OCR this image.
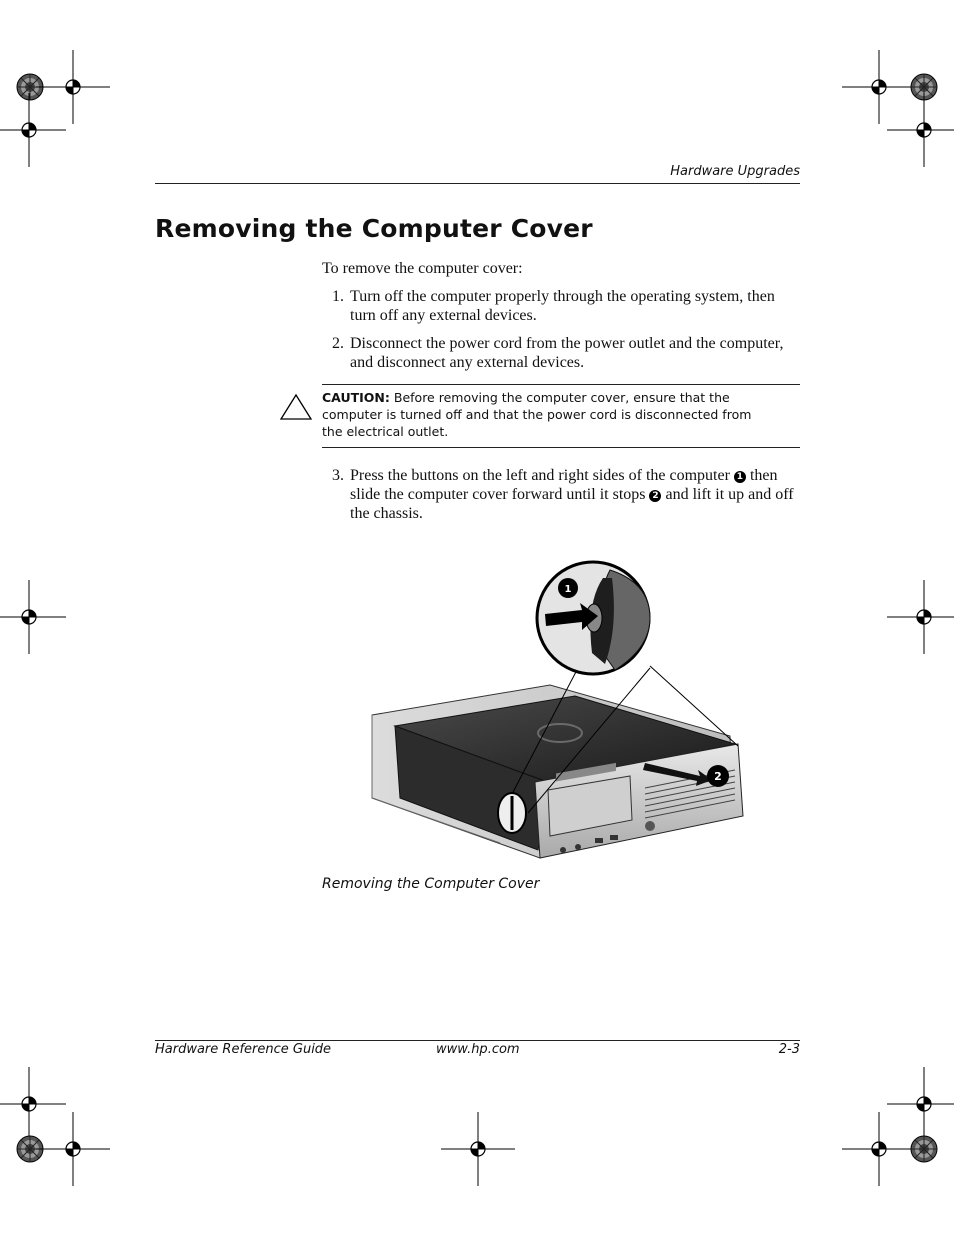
Hardware Upgrades
Removing the Computer Cover
To remove the computer cover:
1. Turn off the computer properly through the operating system, then turn off any external devices.
2. Disconnect the power cord from the power outlet and the computer, and disconnect any external devices.
CAUTION: Before removing the computer cover, ensure that the
computer is turned off and that the power cord is disconnected from
the electrical outlet.
3. Press the buttons on the left and right sides of the computer 1 then slide the computer cover forward until it stops 2 and lift it up and off the chassis.
2
1
Removing the Computer Cover
Hardware Reference Guide	www.hp.com	2-3
